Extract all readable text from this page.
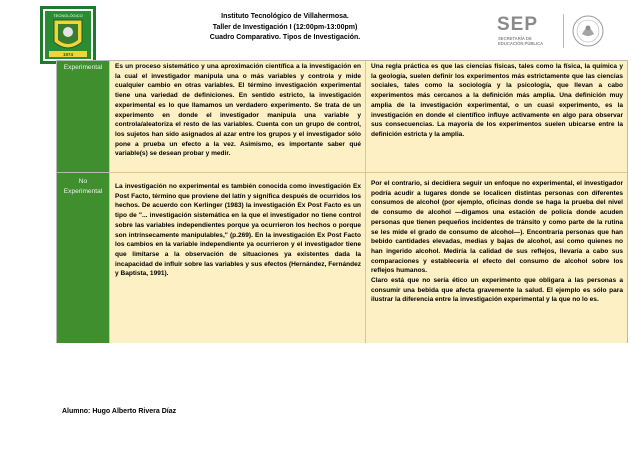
TECNOLÓGICO
1974
Instituto Tecnológico de Villahermosa.
Taller de Investigación I (12:00pm-13:00pm)
Cuadro Comparativo. Tipos de Investigación.
SEP
SECRETARÍA DE
EDUCACIÓN PÚBLICA
Experimental	Es un proceso sistemático y una aproximación científica a la investigación en la cual el investigador manipula una o más variables y controla y mide cualquier cambio en otras variables. El término investigación experimental tiene una variedad de definiciones. En sentido estricto, la investigación experimental es lo que llamamos un verdadero experimento. Se trata de un experimento en donde el investigador manipula una variable y controla/aleatoriza el resto de las variables. Cuenta con un grupo de control, los sujetos han sido asignados al azar entre los grupos y el investigador sólo pone a prueba un efecto a la vez. Asimismo, es importante saber qué variable(s) se desean probar y medir.

Una regla práctica es que las ciencias físicas, tales como la física, la química y la geología, suelen definir los experimentos más estrictamente que las ciencias sociales, tales como la sociología y la psicología, que llevan a cabo experimentos más cercanos a la definición más amplia. Una definición muy amplia de la investigación experimental, o un cuasi experimento, es la investigación en donde el científico influye activamente en algo para observar sus consecuencias. La mayoría de los experimentos suelen ubicarse entre la definición estricta y la amplia.

No
Experimental

La investigación no experimental es también conocida como investigación Ex Post Facto, término que proviene del latín y significa después de ocurridos los hechos. De acuerdo con Kerlinger (1983) la investigación Ex Post Facto es un tipo de "... investigación sistemática en la que el investigador no tiene control sobre las variables independientes porque ya ocurrieron los hechos o porque son intrínsecamente manipulables," (p.269). En la investigación Ex Post Facto los cambios en la variable independiente ya ocurrieron y el investigador tiene que limitarse a la observación de situaciones ya existentes dada la incapacidad de influir sobre las variables y sus efectos (Hernández, Fernández y Baptista, 1991).

Por el contrario, si decidiera seguir un enfoque no experimental, el investigador podría acudir a lugares donde se localicen distintas personas con diferentes consumos de alcohol (por ejemplo, oficinas donde se haga la prueba del nivel de consumo de alcohol —digamos una estación de policía donde acuden personas que tienen pequeños incidentes de tránsito y como parte de la rutina se les mide el grado de consumo de alcohol—). Encontraría personas que han bebido cantidades elevadas, medias y bajas de alcohol, así como quienes no han ingerido alcohol. Mediría la calidad de sus reflejos, llevaría a cabo sus comparaciones y establecería el efecto del consumo de alcohol sobre los reflejos humanos.

Claro está que no sería ético un experimento que obligara a las personas a consumir una bebida que afecta gravemente la salud. El ejemplo es sólo para ilustrar la diferencia entre la investigación experimental y la que no lo es.

Alumno: Hugo Alberto Rivera Díaz
